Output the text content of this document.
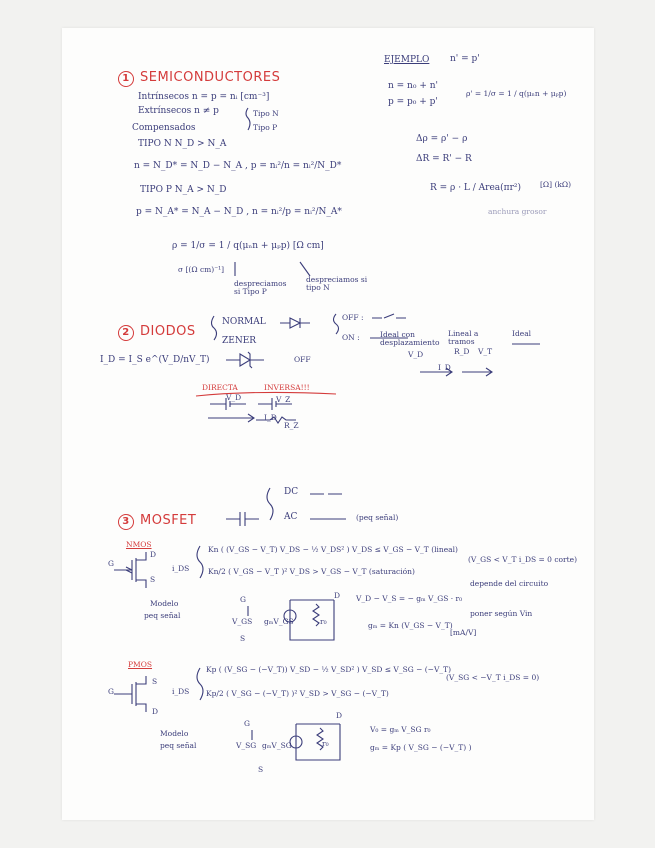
1 SEMICONDUCTORES
Intrínsecos n = p = nᵢ [cm⁻³]
Extrínsecos n ≠ p	Tipo N
Tipo P
Compensados
TIPO N N_D > N_A
n = N_D* = N_D − N_A , p = nᵢ²/n = nᵢ²/N_D*
TIPO P N_A > N_D
p = N_A* = N_A − N_D , n = nᵢ²/p = nᵢ²/N_A*
ρ = 1/σ = 1 / q(μₙn + μₚp) [Ω cm]
σ [(Ω cm)⁻¹]
despreciamos si Tipo P
despreciamos si tipo N
EJEMPLO n' = p'
n = n₀ + n'
p = p₀ + p'
ρ' = 1/σ = 1 / q(μₙn + μₚp)
Δρ = ρ' − ρ
ΔR = R' − R
R = ρ · L / Area(πr²)	[Ω] (kΩ)
anchura grosor
2 DIODOS
NORMAL
ZENER
OFF :
ON :
I_D = I_S e^(V_D/nV_T)
Ideal con desplazamiento
Lineal a tramos
Ideal
OFF
DIRECTA	INVERSA!!!
V_D
I_D
V_T
R_D
V_D
I_D
V_Z
R_Z
DC
AC	(peq señal)
3 MOSFET
NMOS
i_DS
Kn ( (V_GS − V_T) V_DS − ½ V_DS² ) V_DS ≤ V_GS − V_T (lineal)
Kn/2 ( V_GS − V_T )² V_DS > V_GS − V_T (saturación)
(V_GS < V_T i_DS = 0 corte)
G
D
S
Modelo
peq señal
G
S
D
V_GS gₘV_GS	r₀
V_D − V_S = − gₘ V_GS · r₀
gₘ = Kn (V_GS − V_T)
[mA/V]
depende del circuito
poner según Vin
PMOS
i_DS
Kp ( (V_SG − (−V_T)) V_SD − ½ V_SD² ) V_SD ≤ V_SG − (−V_T)
Kp/2 ( V_SG − (−V_T) )² V_SD > V_SG − (−V_T)
(V_SG < −V_T i_DS = 0)
G
S
D
Modelo
peq señal
G
S
D
V_SG gₘV_SG	r₀
V₀ = gₘ V_SG r₀
gₘ = Kp ( V_SG − (−V_T) )
